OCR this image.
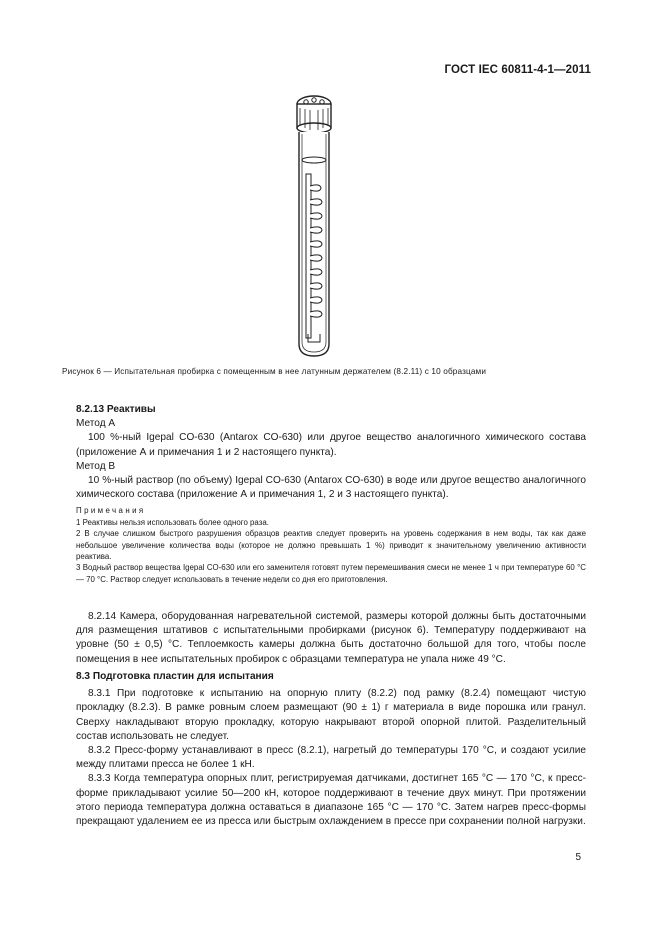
ГОСТ IEC 60811-4-1—2011
Рисунок 6 — Испытательная пробирка с помещенным в нее латунным держателем (8.2.11) с 10 образцами
8.2.13 Реактивы

Метод А

100 %-ный Igepal CO-630 (Antarox CO-630) или другое вещество аналогичного химического состава (приложение А и примечания 1 и 2 настоящего пункта).

Метод В

10 %-ный раствор (по объему) Igepal CO-630 (Antarox CO-630) в воде или другое вещество аналогичного химического состава (приложение А и примечания 1, 2 и 3 настоящего пункта).

Примечания

1 Реактивы нельзя использовать более одного раза.

2 В случае слишком быстрого разрушения образцов реактив следует проверить на уровень содержания в нем воды, так как даже небольшое увеличение количества воды (которое не должно превышать 1 %) приводит к значительному увеличению активности реактива.

3 Водный раствор вещества Igepal CO-630 или его заменителя готовят путем перемешивания смеси не менее 1 ч при температуре 60 °С — 70 °С. Раствор следует использовать в течение недели со дня его приготовления.

8.2.14 Камера, оборудованная нагревательной системой, размеры которой должны быть достаточными для размещения штативов с испытательными пробирками (рисунок 6). Температуру поддерживают на уровне (50 ± 0,5) °С. Теплоемкость камеры должна быть достаточно большой для того, чтобы после помещения в нее испытательных пробирок с образцами температура не упала ниже 49 °С.

8.3 Подготовка пластин для испытания

8.3.1 При подготовке к испытанию на опорную плиту (8.2.2) под рамку (8.2.4) помещают чистую прокладку (8.2.3). В рамке ровным слоем размещают (90 ± 1) г материала в виде порошка или гранул. Сверху накладывают вторую прокладку, которую накрывают второй опорной плитой. Разделительный состав использовать не следует.

8.3.2 Пресс-форму устанавливают в пресс (8.2.1), нагретый до температуры 170 °С, и создают усилие между плитами пресса не более 1 кН.

8.3.3 Когда температура опорных плит, регистрируемая датчиками, достигнет 165 °С — 170 °С, к пресс-форме прикладывают усилие 50—200 кН, которое поддерживают в течение двух минут. При протяжении этого периода температура должна оставаться в диапазоне 165 °С — 170 °С. Затем нагрев пресс-формы прекращают удалением ее из пресса или быстрым охлаждением в прессе при сохранении полной нагрузки.

5
